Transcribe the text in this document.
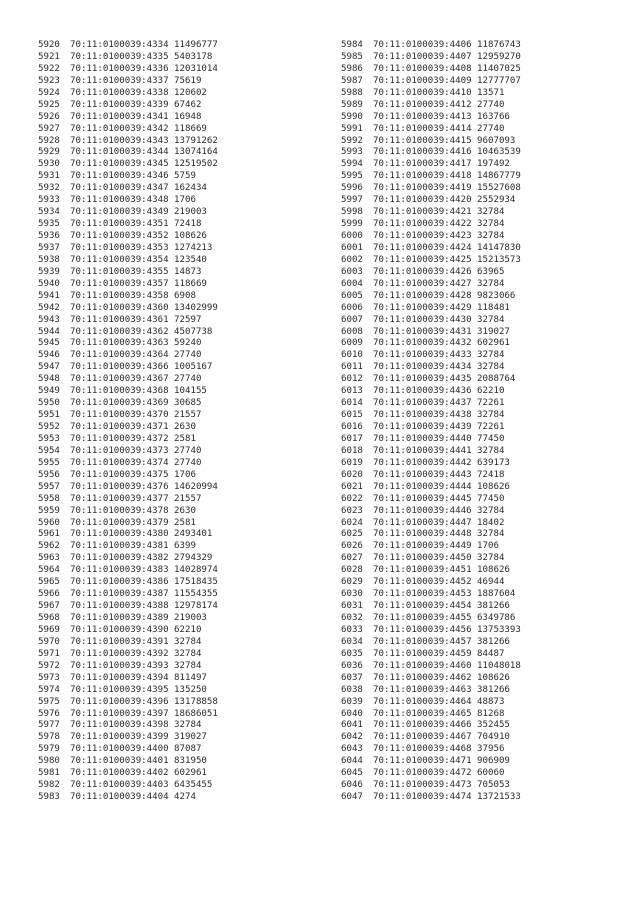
5920 70:11:0100039:4334 11496777
5921 70:11:0100039:4335 5403178
5922 70:11:0100039:4336 12031014
5923 70:11:0100039:4337 75619
5924 70:11:0100039:4338 120602
5925 70:11:0100039:4339 67462
5926 70:11:0100039:4341 16948
5927 70:11:0100039:4342 118669
5928 70:11:0100039:4343 13791262
5929 70:11:0100039:4344 13074164
5930 70:11:0100039:4345 12519502
5931 70:11:0100039:4346 5759
5932 70:11:0100039:4347 162434
5933 70:11:0100039:4348 1706
5934 70:11:0100039:4349 219003
5935 70:11:0100039:4351 72418
5936 70:11:0100039:4352 108626
5937 70:11:0100039:4353 1274213
5938 70:11:0100039:4354 123540
5939 70:11:0100039:4355 14873
5940 70:11:0100039:4357 118669
5941 70:11:0100039:4358 6908
5942 70:11:0100039:4360 13402999
5943 70:11:0100039:4361 72597
5944 70:11:0100039:4362 4507738
5945 70:11:0100039:4363 59240
5946 70:11:0100039:4364 27740
5947 70:11:0100039:4366 1005167
5948 70:11:0100039:4367 27740
5949 70:11:0100039:4368 104155
5950 70:11:0100039:4369 30685
5951 70:11:0100039:4370 21557
5952 70:11:0100039:4371 2630
5953 70:11:0100039:4372 2581
5954 70:11:0100039:4373 27740
5955 70:11:0100039:4374 27740
5956 70:11:0100039:4375 1706
5957 70:11:0100039:4376 14620994
5958 70:11:0100039:4377 21557
5959 70:11:0100039:4378 2630
5960 70:11:0100039:4379 2581
5961 70:11:0100039:4380 2493401
5962 70:11:0100039:4381 6399
5963 70:11:0100039:4382 2794329
5964 70:11:0100039:4383 14028974
5965 70:11:0100039:4386 17518435
5966 70:11:0100039:4387 11554355
5967 70:11:0100039:4388 12978174
5968 70:11:0100039:4389 219003
5969 70:11:0100039:4390 62210
5970 70:11:0100039:4391 32784
5971 70:11:0100039:4392 32784
5972 70:11:0100039:4393 32784
5973 70:11:0100039:4394 811497
5974 70:11:0100039:4395 135250
5975 70:11:0100039:4396 13178858
5976 70:11:0100039:4397 18686051
5977 70:11:0100039:4398 32784
5978 70:11:0100039:4399 319027
5979 70:11:0100039:4400 87087
5980 70:11:0100039:4401 831950
5981 70:11:0100039:4402 602961
5982 70:11:0100039:4403 6435455
5983 70:11:0100039:4404 4274
5984 70:11:0100039:4406 11876743
5985 70:11:0100039:4407 12959270
5986 70:11:0100039:4408 11407025
5987 70:11:0100039:4409 12777707
5988 70:11:0100039:4410 13571
5989 70:11:0100039:4412 27740
5990 70:11:0100039:4413 163766
5991 70:11:0100039:4414 27740
5992 70:11:0100039:4415 9607093
5993 70:11:0100039:4416 10463539
5994 70:11:0100039:4417 197492
5995 70:11:0100039:4418 14867779
5996 70:11:0100039:4419 15527608
5997 70:11:0100039:4420 2552934
5998 70:11:0100039:4421 32784
5999 70:11:0100039:4422 32784
6000 70:11:0100039:4423 32784
6001 70:11:0100039:4424 14147830
6002 70:11:0100039:4425 15213573
6003 70:11:0100039:4426 63965
6004 70:11:0100039:4427 32784
6005 70:11:0100039:4428 9823066
6006 70:11:0100039:4429 118481
6007 70:11:0100039:4430 32784
6008 70:11:0100039:4431 319027
6009 70:11:0100039:4432 602961
6010 70:11:0100039:4433 32784
6011 70:11:0100039:4434 32784
6012 70:11:0100039:4435 2088764
6013 70:11:0100039:4436 62210
6014 70:11:0100039:4437 72261
6015 70:11:0100039:4438 32784
6016 70:11:0100039:4439 72261
6017 70:11:0100039:4440 77450
6018 70:11:0100039:4441 32784
6019 70:11:0100039:4442 639173
6020 70:11:0100039:4443 72418
6021 70:11:0100039:4444 108626
6022 70:11:0100039:4445 77450
6023 70:11:0100039:4446 32784
6024 70:11:0100039:4447 18402
6025 70:11:0100039:4448 32784
6026 70:11:0100039:4449 1706
6027 70:11:0100039:4450 32784
6028 70:11:0100039:4451 108626
6029 70:11:0100039:4452 46944
6030 70:11:0100039:4453 1887604
6031 70:11:0100039:4454 381266
6032 70:11:0100039:4455 6349786
6033 70:11:0100039:4456 13753393
6034 70:11:0100039:4457 381266
6035 70:11:0100039:4459 84487
6036 70:11:0100039:4460 11048018
6037 70:11:0100039:4462 108626
6038 70:11:0100039:4463 381266
6039 70:11:0100039:4464 48873
6040 70:11:0100039:4465 81268
6041 70:11:0100039:4466 352455
6042 70:11:0100039:4467 704910
6043 70:11:0100039:4468 37956
6044 70:11:0100039:4471 906909
6045 70:11:0100039:4472 60060
6046 70:11:0100039:4473 705053
6047 70:11:0100039:4474 13721533
